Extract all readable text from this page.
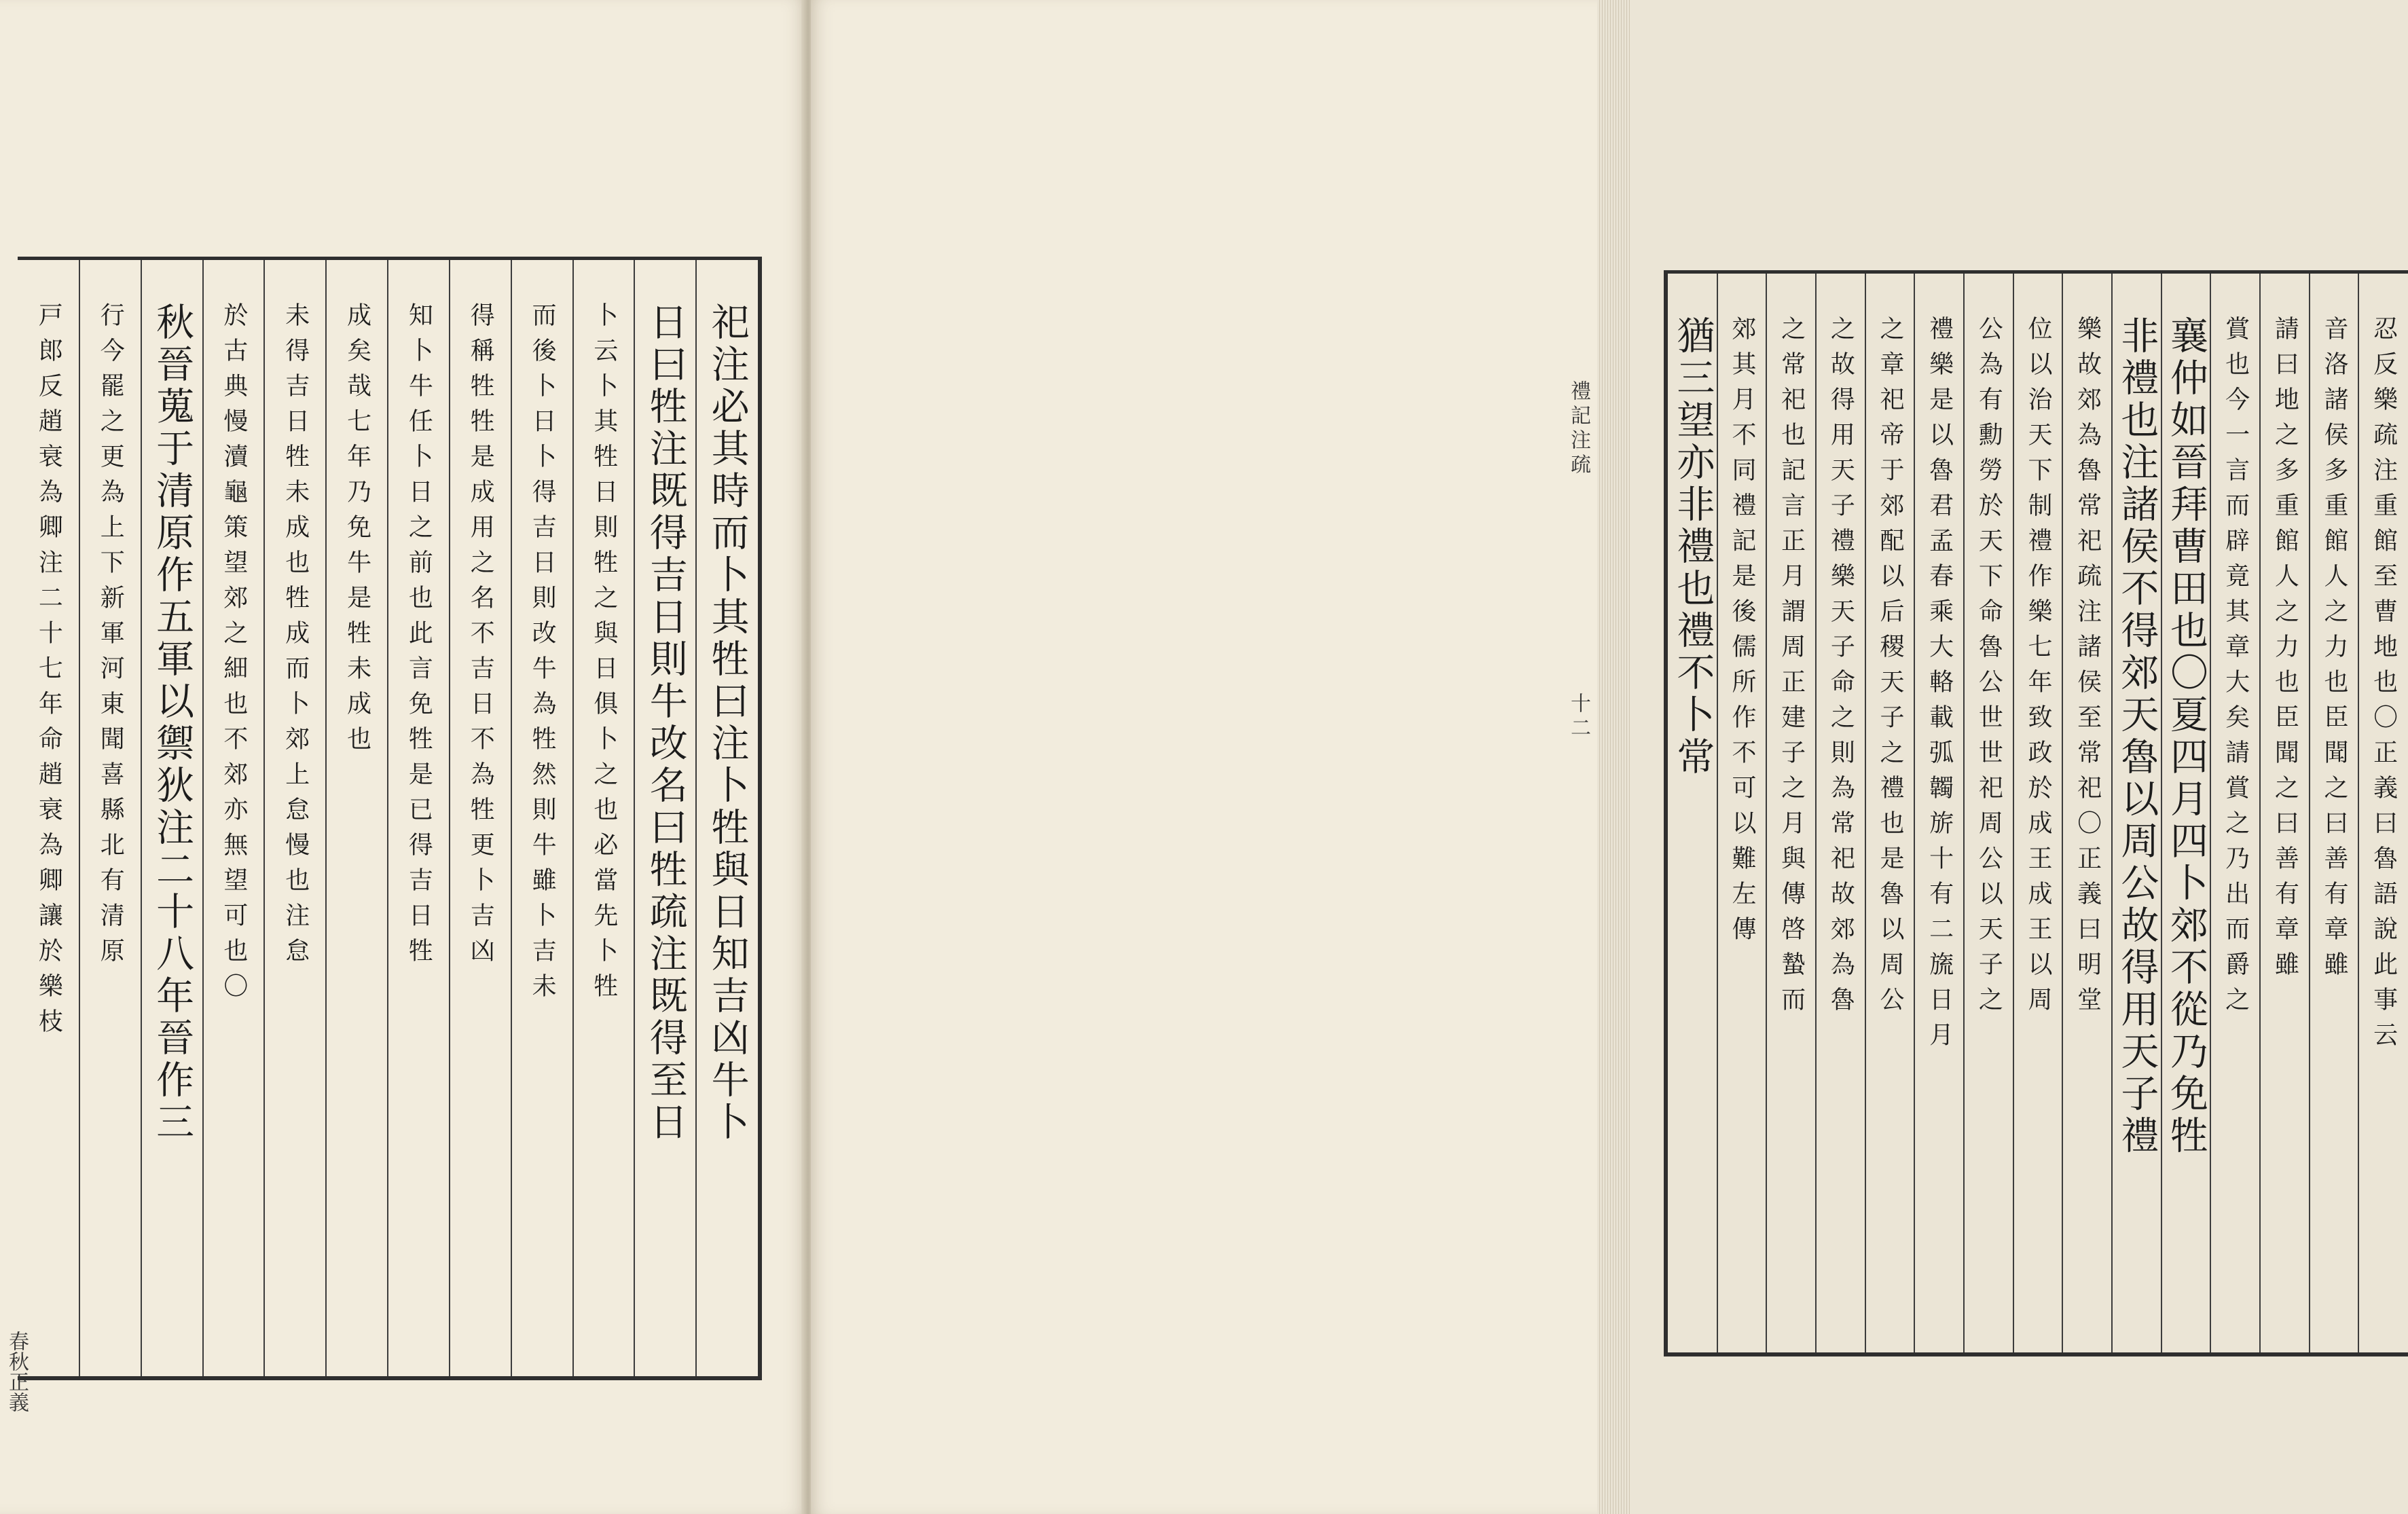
祀注必其時而卜其牲曰注卜牲與日知吉凶牛卜
日曰牲注既得吉日則牛改名曰牲疏注既得至日
卜云卜其牲日則牲之與日俱卜之也必當先卜牲
而後卜日卜得吉日則改牛為牲然則牛雖卜吉未
得稱牲牲是成用之名不吉日不為牲更卜吉凶
知卜牛任卜日之前也此言免牲是已得吉日牲
成矣哉七年乃免牛是牲未成也
未得吉日牲未成也牲成而卜郊上怠慢也注怠
於古典慢瀆龜策望郊之細也不郊亦無望可也〇
秋晉蒐于清原作五軍以禦狄注二十八年晉作三
行今罷之更為上下新軍河東聞喜縣北有清原
戸郎反趙衰為卿注二十七年命趙衰為卿讓於樂枝
春秋正義
忍反樂疏注重館至曹地也〇正義曰魯語說此事云
音洛諸侯多重館人之力也臣聞之曰善有章雖
請曰地之多重館人之力也臣聞之曰善有章雖
賞也今一言而辟竟其章大矣請賞之乃出而爵之
襄仲如晉拜曹田也〇夏四月四卜郊不從乃免牲
非禮也注諸侯不得郊天魯以周公故得用天子禮
樂故郊為魯常祀疏注諸侯至常祀〇正義曰明堂
位以治天下制禮作樂七年致政於成王成王以周
公為有勳勞於天下命魯公世世祀周公以天子之
禮樂是以魯君孟春乘大輅載弧韣旂十有二旒日月
之章祀帝于郊配以后稷天子之禮也是魯以周公
之故得用天子禮樂天子命之則為常祀故郊為魯
之常祀也記言正月謂周正建子之月與傳啓蟄而
郊其月不同禮記是後儒所作不可以難左傳
猶三望亦非禮也禮不卜常
禮記注疏
十二
